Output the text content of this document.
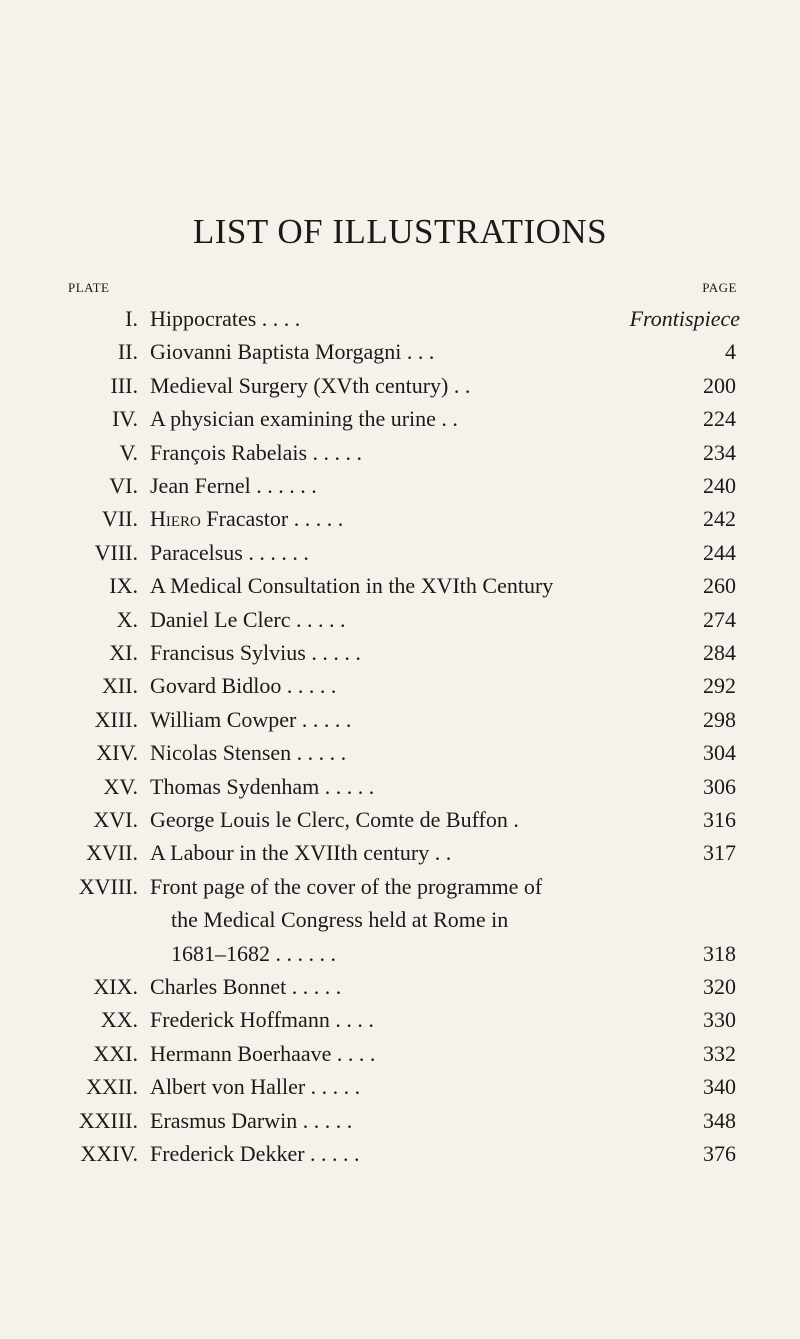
LIST OF ILLUSTRATIONS
PLATE	PAGE
I. Hippocrates . . . .	Frontispiece
II. Giovanni Baptista Morgagni . . .	4
III. Medieval Surgery (XVth century) . .	200
IV. A physician examining the urine . .	224
V. François Rabelais . . . . .	234
VI. Jean Fernel . . . . . .	240
VII. Hiero Fracastor . . . . .	242
VIII. Paracelsus . . . . . .	244
IX. A Medical Consultation in the XVIth Century	260
X. Daniel Le Clerc . . . . .	274
XI. Francisus Sylvius . . . . .	284
XII. Govard Bidloo . . . . .	292
XIII. William Cowper . . . . .	298
XIV. Nicolas Stensen . . . . .	304
XV. Thomas Sydenham . . . . .	306
XVI. George Louis le Clerc, Comte de Buffon .	316
XVII. A Labour in the XVIIth century . .	317
XVIII. Front page of the cover of the programme of
the Medical Congress held at Rome in
1681–1682 . . . . . .	318
XIX. Charles Bonnet . . . . .	320
XX. Frederick Hoffmann . . . .	330
XXI. Hermann Boerhaave . . . .	332
XXII. Albert von Haller . . . . .	340
XXIII. Erasmus Darwin . . . . .	348
XXIV. Frederick Dekker . . . . .	376
